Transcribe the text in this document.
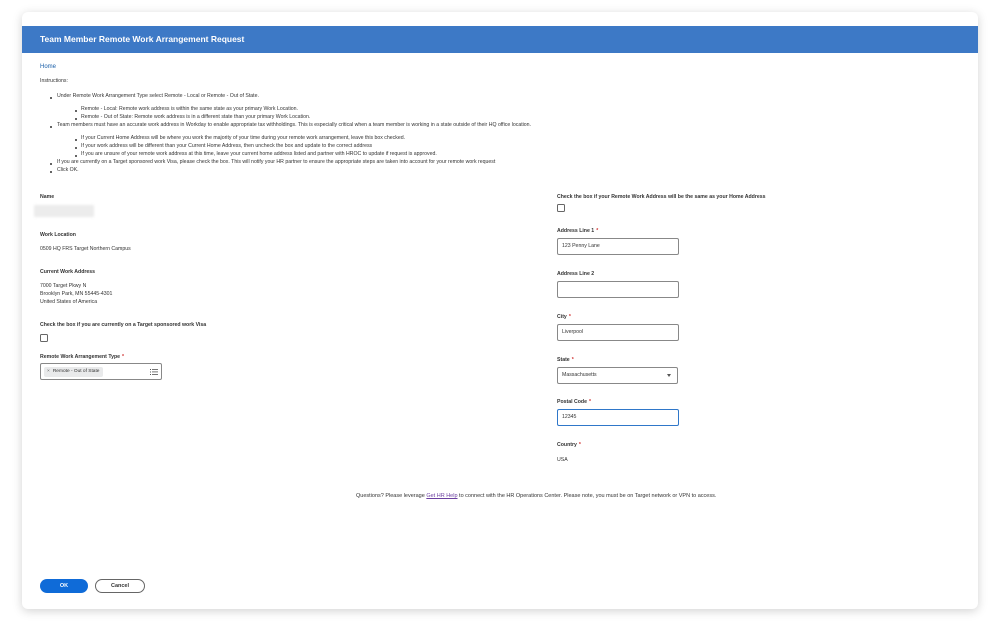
Team Member Remote Work Arrangement Request
Home
Instructions:
Under Remote Work Arrangement Type select Remote - Local or Remote - Out of State.
Remote - Local: Remote work address is within the same state as your primary Work Location.
Remote - Out of State: Remote work address is in a different state than your primary Work Location.
Team members must have an accurate work address in Workday to enable appropriate tax withholdings. This is especially critical when a team member is working in a state outside of their HQ office location.
If your Current Home Address will be where you work the majority of your time during your remote work arrangement, leave this box checked.
If your work address will be different than your Current Home Address, then uncheck the box and update to the correct address
If you are unsure of your remote work address at this time, leave your current home address listed and partner with HROC to update if request is approved.
If you are currently on a Target sponsored work Visa, please check the box. This will notify your HR partner to ensure the appropriate steps are taken into account for your remote work request
Click OK.
Name
Work Location
0509 HQ FRS Target Northern Campus
Current Work Address
7000 Target Pkwy N
Brooklyn Park, MN 55445-4301
United States of America
Check the box if you are currently on a Target sponsored work Visa
Remote Work Arrangement Type *
× Remote - Out of State
Check the box if your Remote Work Address will be the same as your Home Address
Address Line 1 *
123 Penny Lane
Address Line 2
City *
Liverpool
State *
Massachusetts
Postal Code *
12345
Country *
USA
Questions? Please leverage Get HR Help to connect with the HR Operations Center. Please note, you must be on Target network or VPN to access.
OK	Cancel
